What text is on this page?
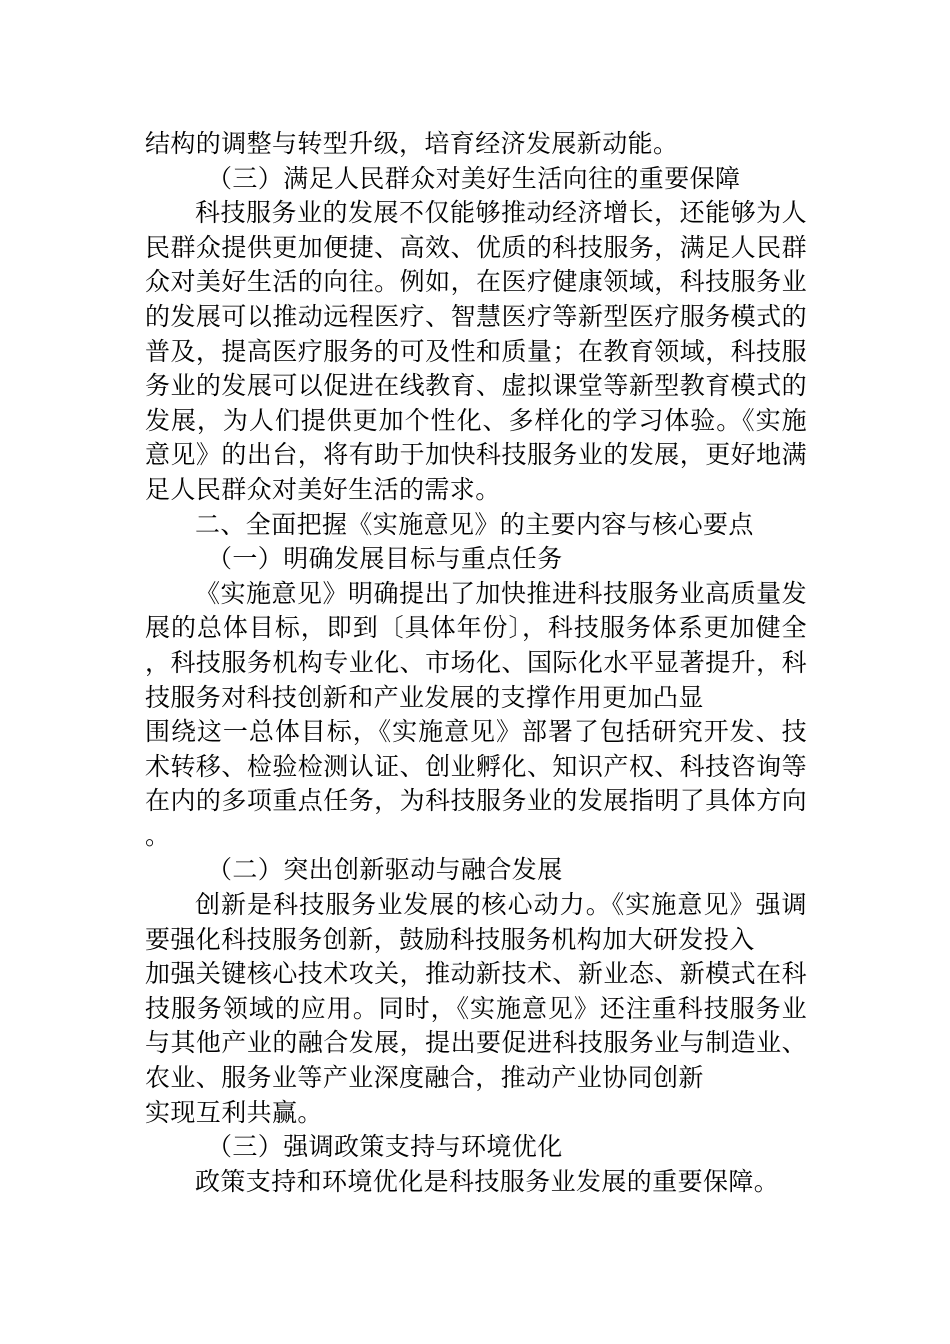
结构的调整与转型升级，培育经济发展新动能。

（三）满足人民群众对美好生活向往的重要保障

科技服务业的发展不仅能够推动经济增长，还能够为人民群众提供更加便捷、高效、优质的科技服务，满足人民群众对美好生活的向往。例如，在医疗健康领域，科技服务业的发展可以推动远程医疗、智慧医疗等新型医疗服务模式的普及，提高医疗服务的可及性和质量；在教育领域，科技服务业的发展可以促进在线教育、虚拟课堂等新型教育模式的发展，为人们提供更加个性化、多样化的学习体验。《实施意见》的出台，将有助于加快科技服务业的发展，更好地满足人民群众对美好生活的需求。

二、全面把握《实施意见》的主要内容与核心要点

（一）明确发展目标与重点任务

《实施意见》明确提出了加快推进科技服务业高质量发展的总体目标，即到〔具体年份〕，科技服务体系更加健全，科技服务机构专业化、市场化、国际化水平显著提升，科技服务对科技创新和产业发展的支撑作用更加凸显

围绕这一总体目标，《实施意见》部署了包括研究开发、技术转移、检验检测认证、创业孵化、知识产权、科技咨询等在内的多项重点任务，为科技服务业的发展指明了具体方向。

（二）突出创新驱动与融合发展

创新是科技服务业发展的核心动力。《实施意见》强调要强化科技服务创新，鼓励科技服务机构加大研发投入

加强关键核心技术攻关，推动新技术、新业态、新模式在科技服务领域的应用。同时，《实施意见》还注重科技服务业与其他产业的融合发展，提出要促进科技服务业与制造业、农业、服务业等产业深度融合，推动产业协同创新

实现互利共赢。

（三）强调政策支持与环境优化

政策支持和环境优化是科技服务业发展的重要保障。
